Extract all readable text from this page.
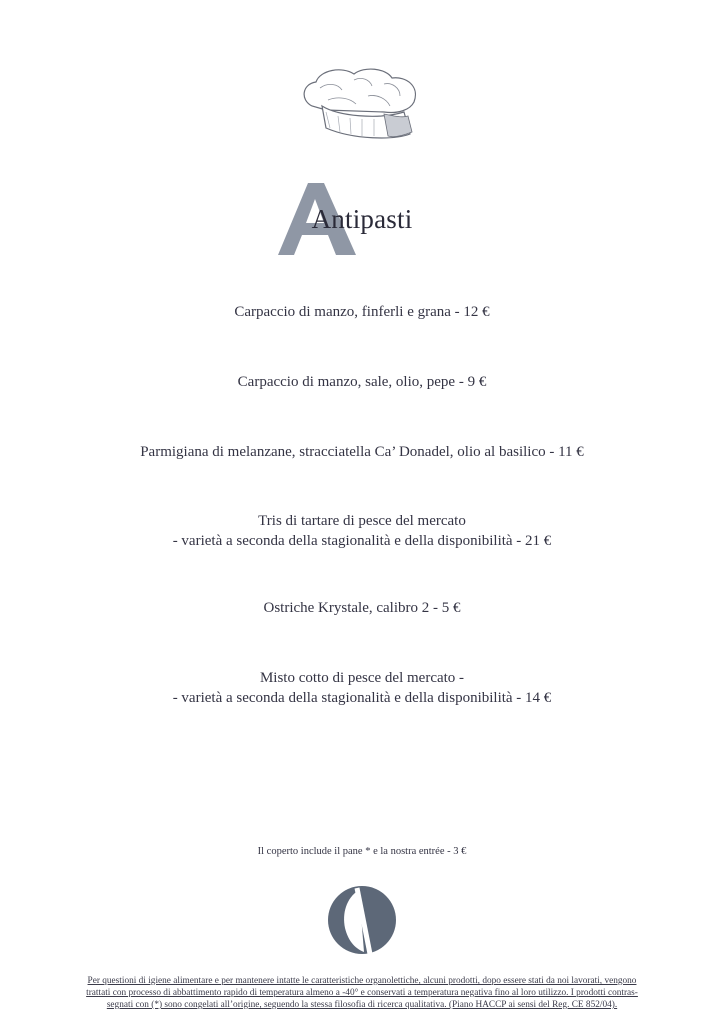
Antipasti
Carpaccio di manzo, finferli e grana - 12 €
Carpaccio di manzo, sale, olio, pepe - 9 €
Parmigiana di melanzane, stracciatella Ca’ Donadel, olio al basilico - 11 €
Tris di tartare di pesce del mercato
- varietà a seconda della stagionalità e della disponibilità - 21 €
Ostriche Krystale, calibro 2 - 5 €
Misto cotto di pesce del mercato -
- varietà a seconda della stagionalità e della disponibilità - 14 €
Il coperto include il pane * e la nostra entrée - 3 €
Per questioni di igiene alimentare e per mantenere intatte le caratteristiche organolettiche, alcuni prodotti, dopo essere stati da noi lavorati, vengono
trattati con processo di abbattimento rapido di temperatura almeno a -40° e conservati a temperatura negativa fino al loro utilizzo. I prodotti contras-
segnati con (*) sono congelati all’origine, seguendo la stessa filosofia di ricerca qualitativa. (Piano HACCP ai sensi del Reg. CE 852/04).
